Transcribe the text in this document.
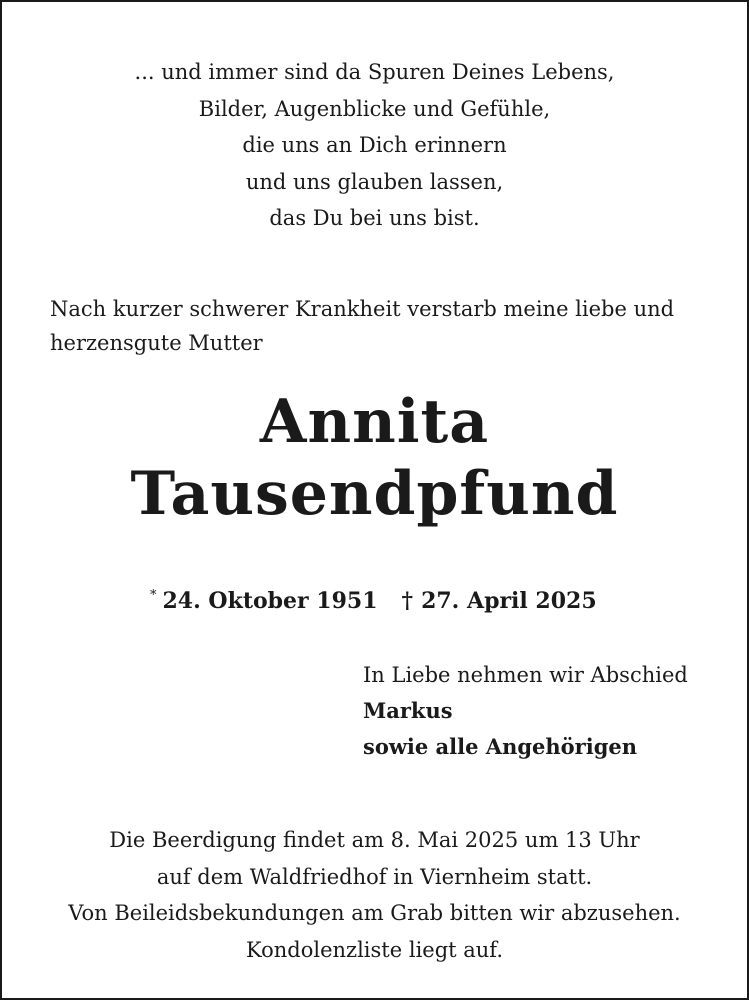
... und immer sind da Spuren Deines Lebens,
Bilder, Augenblicke und Gefühle,
die uns an Dich erinnern
und uns glauben lassen,
das Du bei uns bist.
Nach kurzer schwerer Krankheit verstarb meine liebe und
herzensgute Mutter
Annita
Tausendpfund
* 24. Oktober 1951 † 27. April 2025
In Liebe nehmen wir Abschied
Markus
sowie alle Angehörigen
Die Beerdigung findet am 8. Mai 2025 um 13 Uhr
auf dem Waldfriedhof in Viernheim statt.
Von Beileidsbekundungen am Grab bitten wir abzusehen.
Kondolenzliste liegt auf.
